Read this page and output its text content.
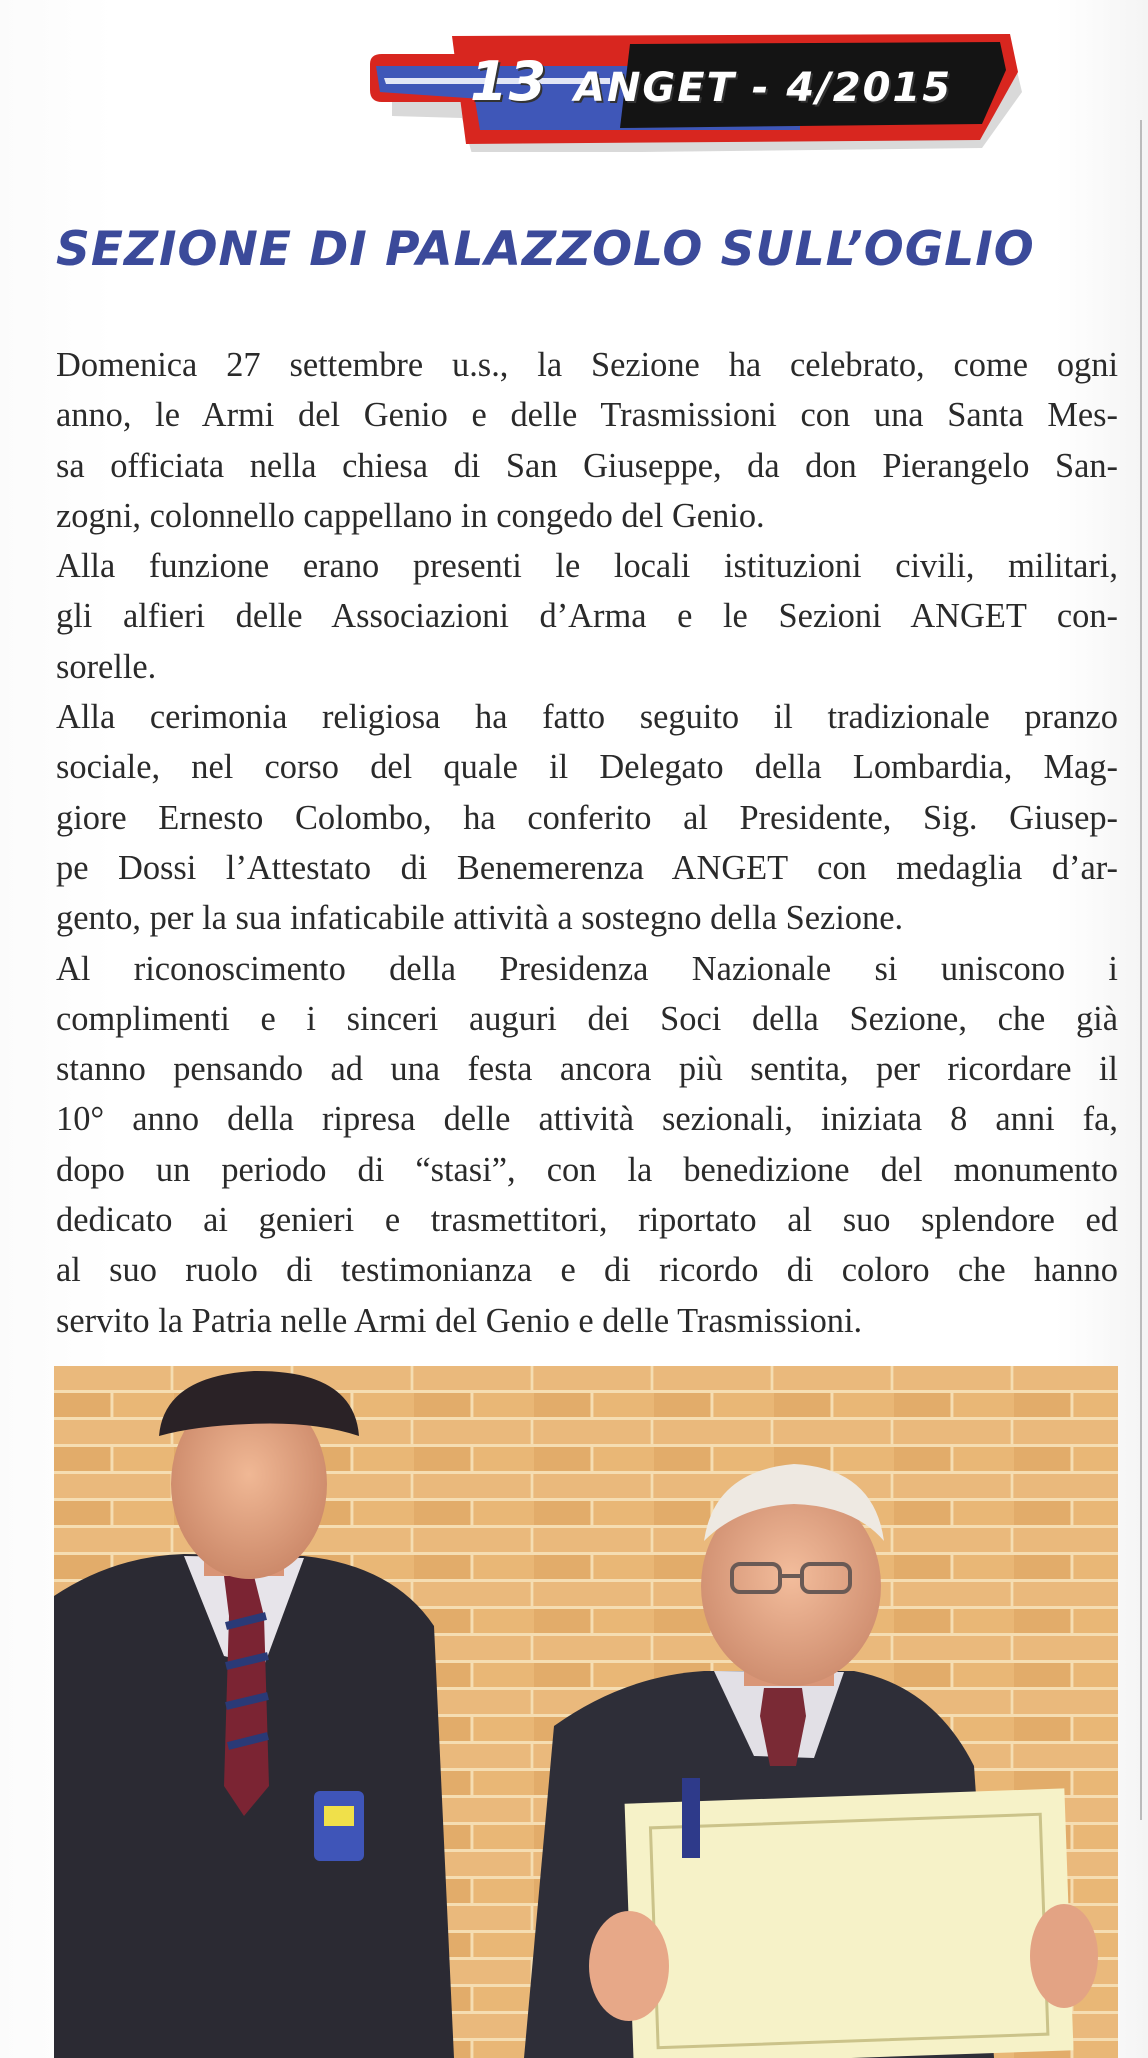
13 ANGET - 4/2015
SEZIONE DI PALAZZOLO SULL’OGLIO
Domenica 27 settembre u.s., la Sezione ha celebrato, come ogni
anno, le Armi del Genio e delle Trasmissioni con una Santa Mes-
sa officiata nella chiesa di San Giuseppe, da don Pierangelo San-
zogni, colonnello cappellano in congedo del Genio.
Alla funzione erano presenti le locali istituzioni civili, militari,
gli alfieri delle Associazioni d’Arma e le Sezioni ANGET con-
sorelle.
Alla cerimonia religiosa ha fatto seguito il tradizionale pranzo
sociale, nel corso del quale il Delegato della Lombardia, Mag-
giore Ernesto Colombo, ha conferito al Presidente, Sig. Giusep-
pe Dossi l’Attestato di Benemerenza ANGET con medaglia d’ar-
gento, per la sua infaticabile attività a sostegno della Sezione.
Al riconoscimento della Presidenza Nazionale si uniscono i
complimenti e i sinceri auguri dei Soci della Sezione, che già
stanno pensando ad una festa ancora più sentita, per ricordare il
10° anno della ripresa delle attività sezionali, iniziata 8 anni fa,
dopo un periodo di “stasi”, con la benedizione del monumento
dedicato ai genieri e trasmettitori, riportato al suo splendore ed
al suo ruolo di testimonianza e di ricordo di coloro che hanno
servito la Patria nelle Armi del Genio e delle Trasmissioni.
